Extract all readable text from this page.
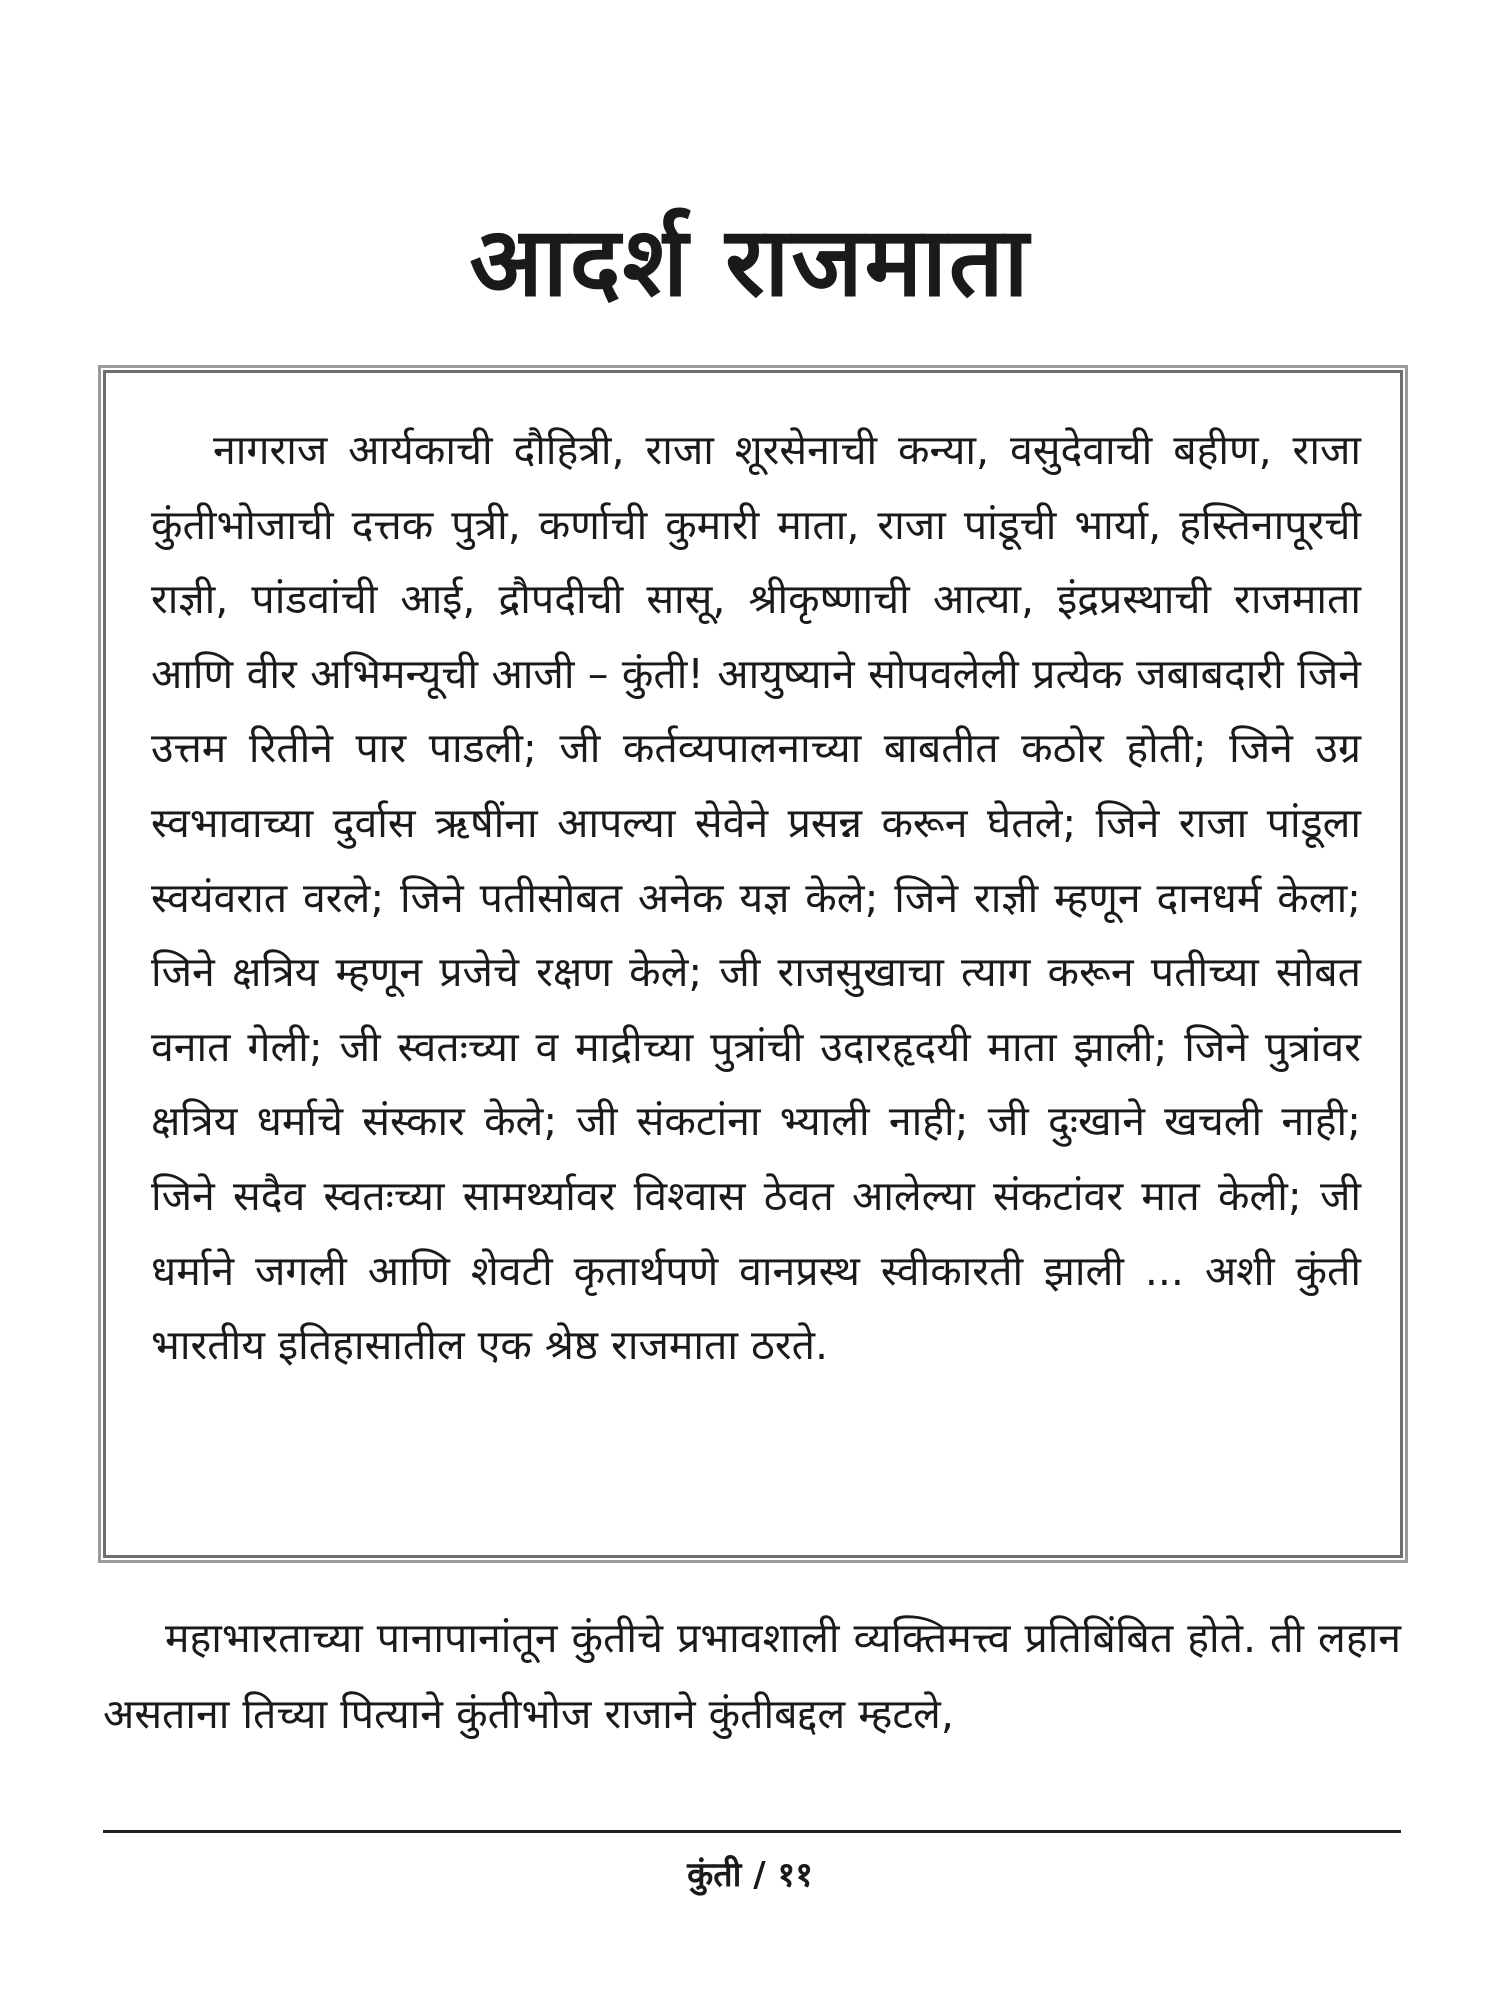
आदर्श राजमाता

नागराज आर्यकाची दौहित्री, राजा शूरसेनाची कन्या, वसुदेवाची बहीण, राजा कुंतीभोजाची दत्तक पुत्री, कर्णाची कुमारी माता, राजा पांडूची भार्या, हस्तिनापूरची राज्ञी, पांडवांची आई, द्रौपदीची सासू, श्रीकृष्णाची आत्या, इंद्रप्रस्थाची राजमाता आणि वीर अभिमन्यूची आजी – कुंती! आयुष्याने सोपवलेली प्रत्येक जबाबदारी जिने उत्तम रितीने पार पाडली; जी कर्तव्यपालनाच्या बाबतीत कठोर होती; जिने उग्र स्वभावाच्या दुर्वास ऋषींना आपल्या सेवेने प्रसन्न करून घेतले; जिने राजा पांडूला स्वयंवरात वरले; जिने पतीसोबत अनेक यज्ञ केले; जिने राज्ञी म्हणून दानधर्म केला; जिने क्षत्रिय म्हणून प्रजेचे रक्षण केले; जी राजसुखाचा त्याग करून पतीच्या सोबत वनात गेली; जी स्वतःच्या व माद्रीच्या पुत्रांची उदारहृदयी माता झाली; जिने पुत्रांवर क्षत्रिय धर्माचे संस्कार केले; जी संकटांना भ्याली नाही; जी दुःखाने खचली नाही; जिने सदैव स्वतःच्या सामर्थ्यावर विश्वास ठेवत आलेल्या संकटांवर मात केली; जी धर्माने जगली आणि शेवटी कृतार्थपणे वानप्रस्थ स्वीकारती झाली ... अशी कुंती भारतीय इतिहासातील एक श्रेष्ठ राजमाता ठरते.

महाभारताच्या पानापानांतून कुंतीचे प्रभावशाली व्यक्तिमत्त्व प्रतिबिंबित होते. ती लहान असताना तिच्या पित्याने कुंतीभोज राजाने कुंतीबद्दल म्हटले,

कुंती / ११
